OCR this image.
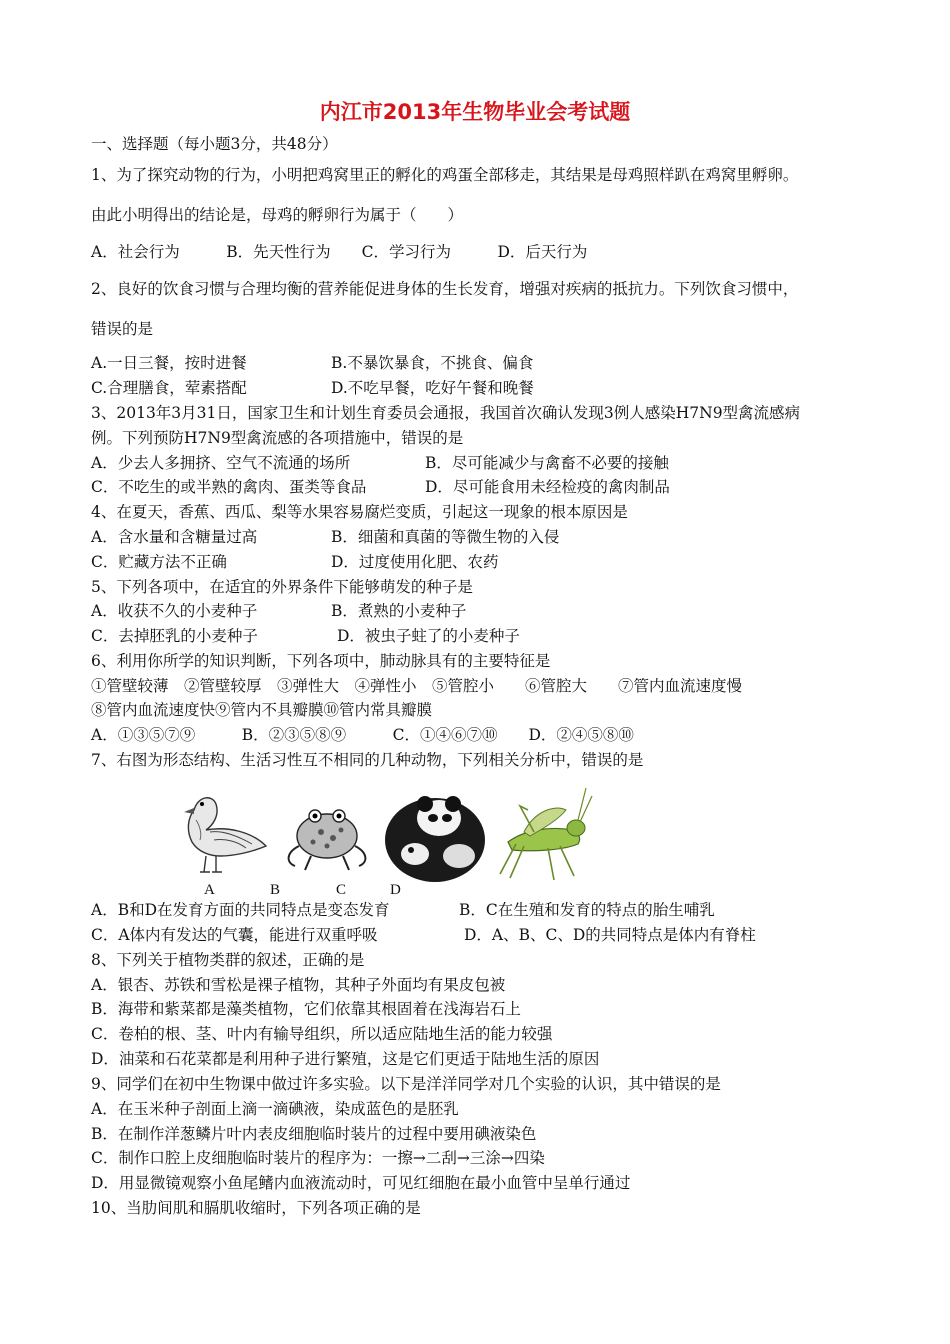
内江市2013年生物毕业会考试题
一、选择题（每小题3分，共48分）
1、为了探究动物的行为，小明把鸡窝里正的孵化的鸡蛋全部移走，其结果是母鸡照样趴在鸡窝里孵卵。
由此小明得出的结论是，母鸡的孵卵行为属于（　　）
A．社会行为　　　B．先天性行为　　C．学习行为　　　D．后天行为
2、良好的饮食习惯与合理均衡的营养能促进身体的生长发育，增强对疾病的抵抗力。下列饮食习惯中，
错误的是
A.一日三餐，按时进餐	B.不暴饮暴食，不挑食、偏食
C.合理膳食，荤素搭配	D.不吃早餐，吃好午餐和晚餐
3、2013年3月31日，国家卫生和计划生育委员会通报，我国首次确认发现3例人感染H7N9型禽流感病
例。下列预防H7N9型禽流感的各项措施中，错误的是
A．少去人多拥挤、空气不流通的场所	B．尽可能减少与禽畜不必要的接触
C．不吃生的或半熟的禽肉、蛋类等食品	D．尽可能食用未经检疫的禽肉制品
4、在夏天，香蕉、西瓜、梨等水果容易腐烂变质，引起这一现象的根本原因是
A．含水量和含糖量过高	B．细菌和真菌的等微生物的入侵
C．贮藏方法不正确	D．过度使用化肥、农药
5、下列各项中，在适宜的外界条件下能够萌发的种子是
A．收获不久的小麦种子	B．煮熟的小麦种子
C．去掉胚乳的小麦种子	D．被虫子蛀了的小麦种子
6、利用你所学的知识判断，下列各项中，肺动脉具有的主要特征是
①管壁较薄　②管壁较厚　③弹性大　④弹性小　⑤管腔小　　⑥管腔大　　⑦管内血流速度慢
⑧管内血流速度快⑨管内不具瓣膜⑩管内常具瓣膜
A．①③⑤⑦⑨　　　B．②③⑤⑧⑨　　　C．①④⑥⑦⑩　　D．②④⑤⑧⑩
7、右图为形态结构、生活习性互不相同的几种动物，下列相关分析中，错误的是
A	B	C	D
A．B和D在发育方面的共同特点是变态发育	B．C在生殖和发育的特点的胎生哺乳
C．A体内有发达的气囊，能进行双重呼吸	D．A、B、C、D的共同特点是体内有脊柱
8、下列关于植物类群的叙述，正确的是
A．银杏、苏铁和雪松是裸子植物，其种子外面均有果皮包被
B．海带和紫菜都是藻类植物，它们依靠其根固着在浅海岩石上
C．卷柏的根、茎、叶内有输导组织，所以适应陆地生活的能力较强
D．油菜和石花菜都是利用种子进行繁殖，这是它们更适于陆地生活的原因
9、同学们在初中生物课中做过许多实验。以下是洋洋同学对几个实验的认识，其中错误的是
A．在玉米种子剖面上滴一滴碘液，染成蓝色的是胚乳
B．在制作洋葱鳞片叶内表皮细胞临时装片的过程中要用碘液染色
C．制作口腔上皮细胞临时装片的程序为：一擦→二刮→三涂→四染
D．用显微镜观察小鱼尾鳍内血液流动时，可见红细胞在最小血管中呈单行通过
10、当肋间肌和膈肌收缩时，下列各项正确的是
